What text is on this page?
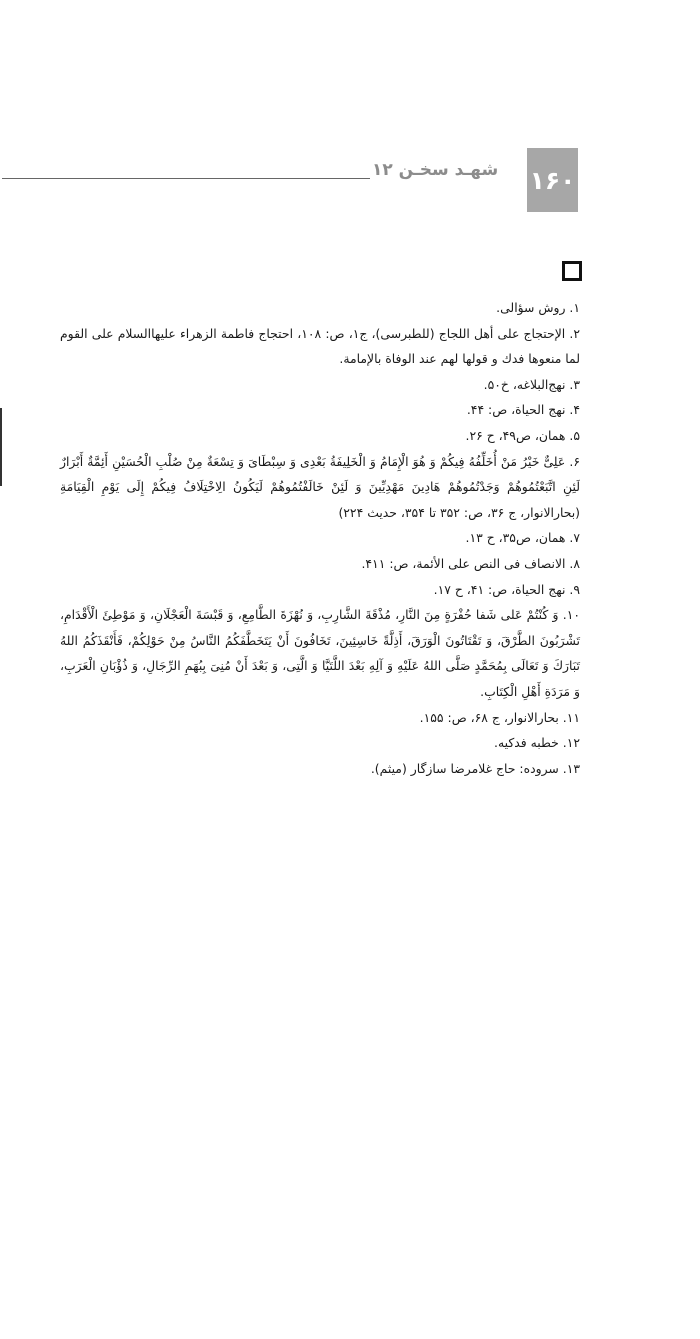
شهـد سخـن ۱۲	۱۶۰
۱. روش سؤالی.
۲. الإحتجاج علی أهل اللجاج (للطبرسی)، ج۱، ص: ۱۰۸، احتجاج فاطمة الزهراء علیهاالسلام علی القوم لما منعوها فدك و قولها لهم عند الوفاة بالإمامة.
۳. نهج‌البلاغه، خ۵۰.
۴. نهج الحیاة، ص: ۴۴.
۵. همان، ص۴۹، ح ۲۶.
۶. عَلِیٌّ خَیْرُ مَنْ أُخَلِّفُهُ فِیكُمْ وَ هُوَ الْإِمَامُ وَ الْخَلِیفَةُ بَعْدِی وَ سِبْطَایَ وَ تِسْعَةٌ مِنْ صُلْبِ الْحُسَیْنِ أَئِمَّةٌ أَبْرَارٌ لَئِنِ اتَّبَعْتُمُوهُمْ وَجَدْتُمُوهُمْ هَادِینَ مَهْدِیِّینَ وَ لَئِنْ خَالَفْتُمُوهُمْ لَیَكُونُ الِاخْتِلَافُ فِیكُمْ إِلَی یَوْمِ الْقِیَامَةِ (بحارالانوار، ج ۳۶، ص: ۳۵۲ تا ۳۵۴، حدیث ۲۲۴)
۷. همان، ص۳۵، ح ۱۳.
۸. الانصاف فی النص علی الأئمة، ص: ۴۱۱.
۹. نهج الحیاة، ص: ۴۱، ح ۱۷.
۱۰. وَ كُنْتُمْ عَلی شَفا حُفْرَةٍ مِنَ النَّارِ، مُذْقَةَ الشَّارِبِ، وَ نُهْزَةَ الطَّامِعِ، وَ قَبْسَةَ الْعَجْلَانِ، وَ مَوْطِئَ الْأَقْدَامِ، تَشْرَبُونَ الطَّرْقَ، وَ تَقْتَاتُونَ الْوَرَقَ، أَذِلَّةً خَاسِئِینَ، تَخَافُونَ أَنْ یَتَخَطَّفَكُمُ النَّاسُ مِنْ حَوْلِكُمْ، فَأَنْقَذَكُمُ اللهُ تَبَارَكَ وَ تَعَالَی بِمُحَمَّدٍ صَلَّی اللهُ عَلَیْهِ وَ آلِهِ بَعْدَ اللَّتَیَّا وَ الَّتِی، وَ بَعْدَ أَنْ مُنِیَ بِبُهَمِ الرِّجَالِ، وَ ذُؤْبَانِ الْعَرَبِ، وَ مَرَدَةِ أَهْلِ الْكِتَابِ.
۱۱. بحارالانوار، ج ۶۸، ص: ۱۵۵.
۱۲. خطبه فدكیه.
۱۳. سروده: حاج غلامرضا سازگار (میثم).
